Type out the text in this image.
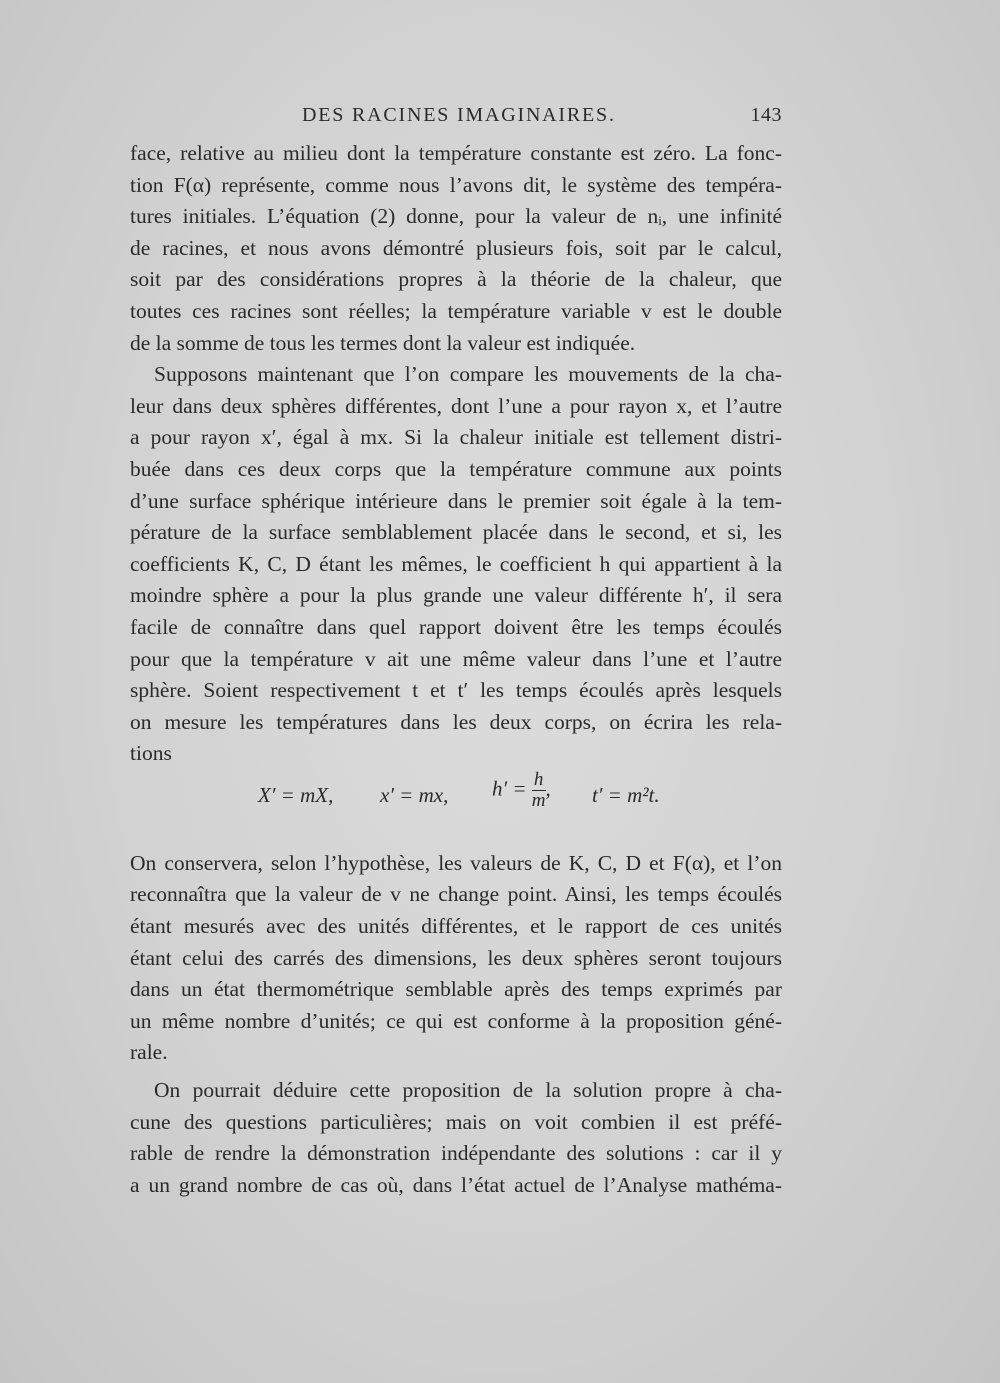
DES RACINES IMAGINAIRES.	143
face, relative au milieu dont la température constante est zéro. La fonc-
tion F(α) représente, comme nous l’avons dit, le système des tempéra-
tures initiales. L’équation (2) donne, pour la valeur de nᵢ, une infinité
de racines, et nous avons démontré plusieurs fois, soit par le calcul,
soit par des considérations propres à la théorie de la chaleur, que
toutes ces racines sont réelles; la température variable v est le double
de la somme de tous les termes dont la valeur est indiquée.
Supposons maintenant que l’on compare les mouvements de la cha-
leur dans deux sphères différentes, dont l’une a pour rayon x, et l’autre
a pour rayon x′, égal à mx. Si la chaleur initiale est tellement distri-
buée dans ces deux corps que la température commune aux points
d’une surface sphérique intérieure dans le premier soit égale à la tem-
pérature de la surface semblablement placée dans le second, et si, les
coefficients K, C, D étant les mêmes, le coefficient h qui appartient à la
moindre sphère a pour la plus grande une valeur différente h′, il sera
facile de connaître dans quel rapport doivent être les temps écoulés
pour que la température v ait une même valeur dans l’une et l’autre
sphère. Soient respectivement t et t′ les temps écoulés après lesquels
on mesure les températures dans les deux corps, on écrira les rela-
tions
X′ = mX, x′ = mx, $h' = \frac{h}{m}$ , t′ = m²t.
On conservera, selon l’hypothèse, les valeurs de K, C, D et F(α), et l’on
reconnaîtra que la valeur de v ne change point. Ainsi, les temps écoulés
étant mesurés avec des unités différentes, et le rapport de ces unités
étant celui des carrés des dimensions, les deux sphères seront toujours
dans un état thermométrique semblable après des temps exprimés par
un même nombre d’unités; ce qui est conforme à la proposition géné-
rale.
On pourrait déduire cette proposition de la solution propre à cha-
cune des questions particulières; mais on voit combien il est préfé-
rable de rendre la démonstration indépendante des solutions : car il y
a un grand nombre de cas où, dans l’état actuel de l’Analyse mathéma-
